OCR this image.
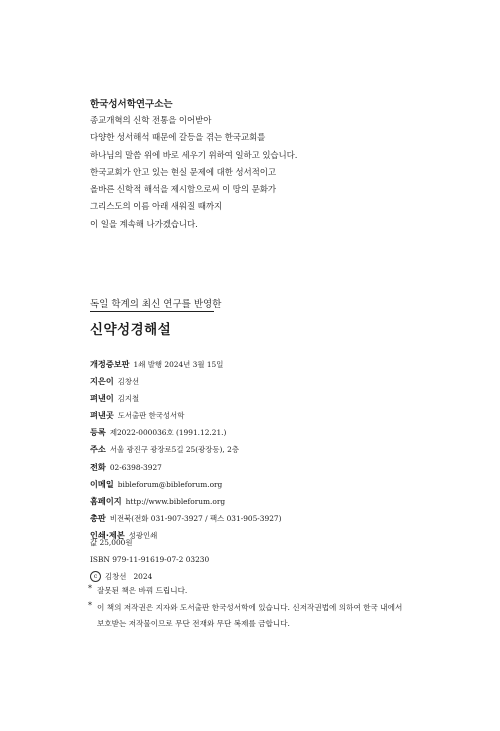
한국성서학연구소는
종교개혁의 신학 전통을 이어받아
다양한 성서해석 때문에 갈등을 겪는 한국교회를
하나님의 말씀 위에 바로 세우기 위하여 일하고 있습니다.
한국교회가 안고 있는 현실 문제에 대한 성서적이고
올바른 신학적 해석을 제시함으로써 이 땅의 문화가
그리스도의 이름 아래 새워질 때까지
이 일을 계속해 나가겠습니다.
독일 학계의 최신 연구를 반영한
신약성경해설
개정증보판 1쇄 발행 2024년 3월 15일
지은이 김창선
펴낸이 김지철
펴낸곳 도서출판 한국성서학
등록 제2022-000036호 (1991.12.21.)
주소 서울 광진구 광장로5길 25(광장동), 2층
전화 02-6398-3927
이메일 bibleforum@bibleforum.org
홈페이지 http://www.bibleforum.org
총판 비전북(전화 031-907-3927 / 팩스 031-905-3927)
인쇄·제본 성광인쇄
값 25,000원
ISBN 979-11-91619-07-2 03230
c 김창선 2024
* 잘못된 책은 바꿔 드립니다.
* 이 책의 저작권은 지자와 도서출판 한국성서학에 있습니다. 신저작권법에 의하여 한국 내에서
보호받는 저작물이므로 무단 전재와 무단 복제를 금합니다.
